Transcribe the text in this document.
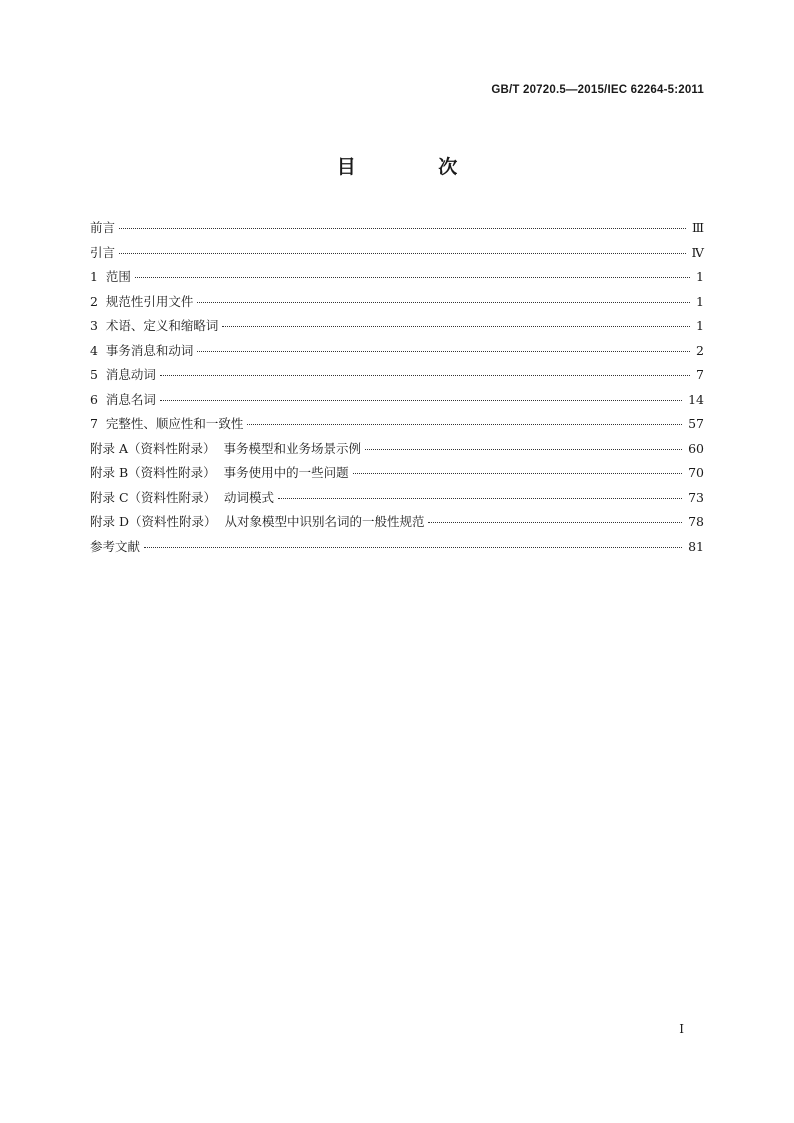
GB/T 20720.5—2015/IEC 62264-5:2011
目 次
前言	Ⅲ
引言	Ⅳ
1  范围	1
2  规范性引用文件	1
3  术语、定义和缩略词	1
4  事务消息和动词	2
5  消息动词	7
6  消息名词	14
7  完整性、顺应性和一致性	57
附录 A（资料性附录）  事务模型和业务场景示例	60
附录 B（资料性附录）  事务使用中的一些问题	70
附录 C（资料性附录）  动词模式	73
附录 D（资料性附录）  从对象模型中识别名词的一般性规范	78
参考文献	81
I
